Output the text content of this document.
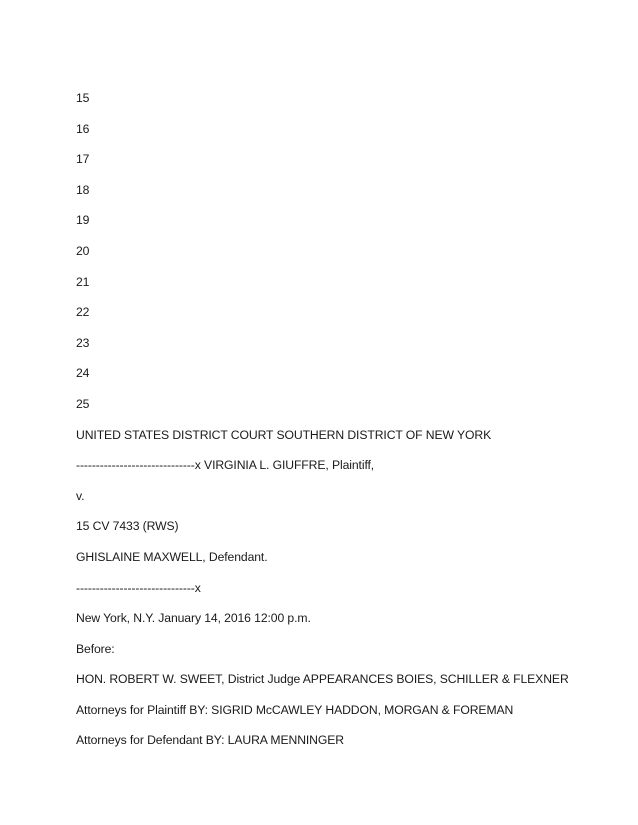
15
16
17
18
19
20
21
22
23
24
25
UNITED STATES DISTRICT COURT SOUTHERN DISTRICT OF NEW YORK
------------------------------x VIRGINIA L. GIUFFRE, Plaintiff,
v.
15 CV 7433 (RWS)
GHISLAINE MAXWELL, Defendant.
------------------------------x
New York, N.Y. January 14, 2016 12:00 p.m.
Before:
HON. ROBERT W. SWEET, District Judge APPEARANCES BOIES, SCHILLER & FLEXNER
Attorneys for Plaintiff BY: SIGRID McCAWLEY HADDON, MORGAN & FOREMAN
Attorneys for Defendant BY: LAURA MENNINGER
